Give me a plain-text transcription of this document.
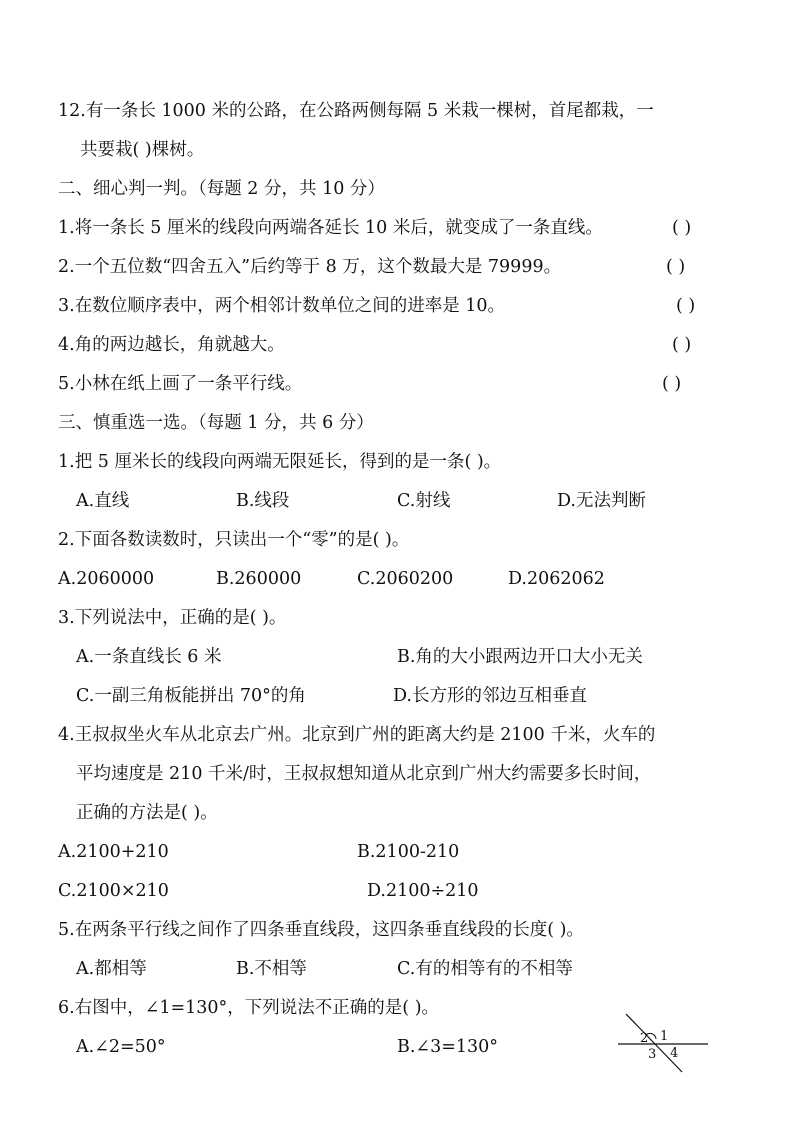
12.有一条长 1000 米的公路，在公路两侧每隔 5 米栽一棵树，首尾都栽，一
共要栽( )棵树。
二、细心判一判。（每题 2 分，共 10 分）
1.将一条长 5 厘米的线段向两端各延长 10 米后，就变成了一条直线。	( )
2.一个五位数“四舍五入”后约等于 8 万，这个数最大是 79999。	( )
3.在数位顺序表中，两个相邻计数单位之间的进率是 10。	( )
4.角的两边越长，角就越大。	( )
5.小林在纸上画了一条平行线。	( )
三、慎重选一选。（每题 1 分，共 6 分）
1.把 5 厘米长的线段向两端无限延长，得到的是一条( )。
A.直线	B.线段	C.射线	D.无法判断
2.下面各数读数时，只读出一个“零”的是( )。
A.2060000	B.260000	C.2060200	D.2062062
3.下列说法中，正确的是( )。
A.一条直线长 6 米	B.角的大小跟两边开口大小无关
C.一副三角板能拼出 70°的角	D.长方形的邻边互相垂直
4.王叔叔坐火车从北京去广州。北京到广州的距离大约是 2100 千米，火车的
平均速度是 210 千米/时，王叔叔想知道从北京到广州大约需要多长时间，
正确的方法是( )。
A.2100+210	B.2100-210
C.2100×210	D.2100÷210
5.在两条平行线之间作了四条垂直线段，这四条垂直线段的长度( )。
A.都相等	B.不相等	C.有的相等有的不相等
6.右图中，∠1=130°，下列说法不正确的是( )。
A.∠2=50°	B.∠3=130°
1
2
3 4
